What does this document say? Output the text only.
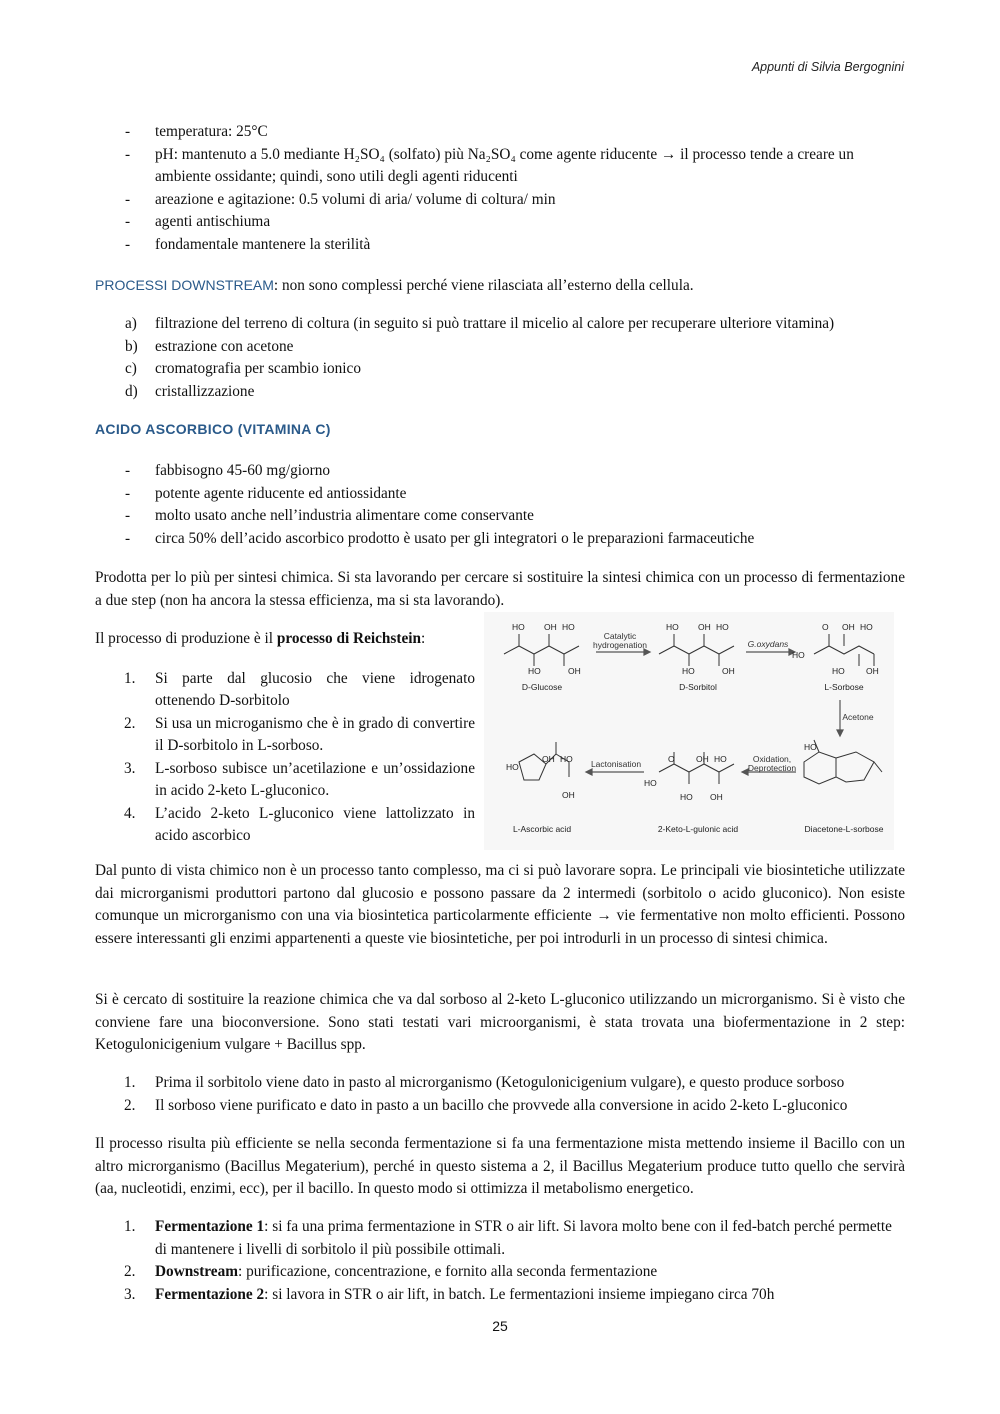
Appunti di Silvia Bergognini
- temperatura: 25°C
- pH: mantenuto a 5.0 mediante H₂SO₄ (solfato) più Na₂SO₄ come agente riducente → il processo tende a creare un ambiente ossidante; quindi, sono utili degli agenti riducenti
- areazione e agitazione: 0.5 volumi di aria/ volume di coltura/ min
- agenti antischiuma
- fondamentale mantenere la sterilità

PROCESSI DOWNSTREAM: non sono complessi perché viene rilasciata all’esterno della cellula.

a) filtrazione del terreno di coltura (in seguito si può trattare il micelio al calore per recuperare ulteriore vitamina)
b) estrazione con acetone
c) cromatografia per scambio ionico
d) cristallizzazione
ACIDO ASCORBICO (VITAMINA C)
- fabbisogno 45-60 mg/giorno
- potente agente riducente ed antiossidante
- molto usato anche nell’industria alimentare come conservante
- circa 50% dell’acido ascorbico prodotto è usato per gli integratori o le preparazioni farmaceutiche

Prodotta per lo più per sintesi chimica. Si sta lavorando per cercare si sostituire la sintesi chimica con un processo di fermentazione a due step (non ha ancora la stessa efficienza, ma si sta lavorando).

Il processo di produzione è il processo di Reichstein:

1. Si parte dal glucosio che viene idrogenato ottenendo D-sorbitolo
2. Si usa un microganismo che è in grado di convertire il D-sorbitolo in L-sorboso.
3. L-sorboso subisce un’acetilazione e un’ossidazione in acido 2-keto L-gluconico.
4. L’acido 2-keto L-gluconico viene lattolizzato in acido ascorbico
HO OH HO
HO	OH
HO OH HO
HO	OH
O OH HO
HO
HO	OH
OH HO
HO
OH
O	OH HO
HO
HO OH
HO
Catalytic
hydrogenation	G.oxydans
Acetone
Oxidation,
Deprotection
Lactonisation
D-Glucose	D-Sorbitol	L-Sorbose
Diacetone-L-sorbose
2-Keto-L-gulonic acid
L-Ascorbic acid

Dal punto di vista chimico non è un processo tanto complesso, ma ci si può lavorare sopra. Le principali vie biosintetiche utilizzate dai microrganismi produttori partono dal glucosio e possono passare da 2 intermedi (sorbitolo o acido gluconico). Non esiste comunque un microrganismo con una via biosintetica particolarmente efficiente → vie fermentative non molto efficienti. Possono essere interessanti gli enzimi appartenenti a queste vie biosintetiche, per poi introdurli in un processo di sintesi chimica.

Si è cercato di sostituire la reazione chimica che va dal sorboso al 2-keto L-gluconico utilizzando un microrganismo. Si è visto che conviene fare una bioconversione. Sono stati testati vari microorganismi, è stata trovata una biofermentazione in 2 step: Ketogulonicigenium vulgare + Bacillus spp.

1. Prima il sorbitolo viene dato in pasto al microrganismo (Ketogulonicigenium vulgare), e questo produce sorboso
2. Il sorboso viene purificato e dato in pasto a un bacillo che provvede alla conversione in acido 2-keto L-gluconico

Il processo risulta più efficiente se nella seconda fermentazione si fa una fermentazione mista mettendo insieme il Bacillo con un altro microrganismo (Bacillus Megaterium), perché in questo sistema a 2, il Bacillus Megaterium produce tutto quello che servirà (aa, nucleotidi, enzimi, ecc), per il bacillo. In questo modo si ottimizza il metabolismo energetico.

1. Fermentazione 1: si fa una prima fermentazione in STR o air lift. Si lavora molto bene con il fed-batch perché permette di mantenere i livelli di sorbitolo il più possibile ottimali.
2. Downstream: purificazione, concentrazione, e fornito alla seconda fermentazione
3. Fermentazione 2: si lavora in STR o air lift, in batch. Le fermentazioni insieme impiegano circa 70h
25
